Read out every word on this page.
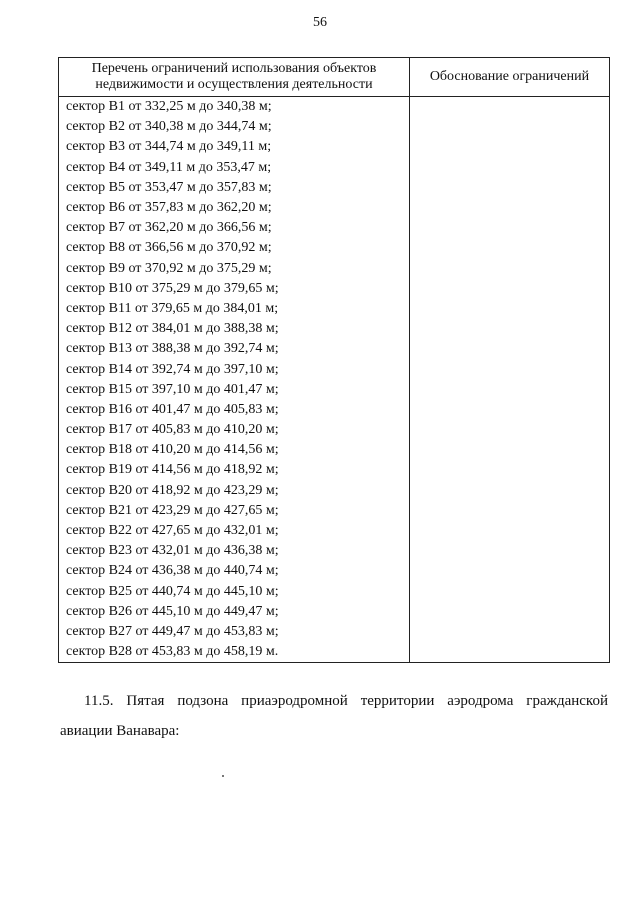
56
Перечень ограничений использования объектов недвижимости и осуществления деятельности	Обоснование ограничений
сектор В1 от 332,25 м до 340,38 м;	
сектор В2 от 340,38 м до 344,74 м;	
сектор В3 от 344,74 м до 349,11 м;	
сектор В4 от 349,11 м до 353,47 м;	
сектор В5 от 353,47 м до 357,83 м;	
сектор В6 от 357,83 м до 362,20 м;	
сектор В7 от 362,20 м до 366,56 м;	
сектор В8 от 366,56 м до 370,92 м;	
сектор В9 от 370,92 м до 375,29 м;	
сектор В10 от 375,29 м до 379,65 м;	
сектор В11 от 379,65 м до 384,01 м;	
сектор В12 от 384,01 м до 388,38 м;	
сектор В13 от 388,38 м до 392,74 м;	
сектор В14 от 392,74 м до 397,10 м;	
сектор В15 от 397,10 м до 401,47 м;	
сектор В16 от 401,47 м до 405,83 м;	
сектор В17 от 405,83 м до 410,20 м;	
сектор В18 от 410,20 м до 414,56 м;	
сектор В19 от 414,56 м до 418,92 м;	
сектор В20 от 418,92 м до 423,29 м;	
сектор В21 от 423,29 м до 427,65 м;	
сектор В22 от 427,65 м до 432,01 м;	
сектор В23 от 432,01 м до 436,38 м;	
сектор В24 от 436,38 м до 440,74 м;	
сектор В25 от 440,74 м до 445,10 м;	
сектор В26 от 445,10 м до 449,47 м;	
сектор В27 от 449,47 м до 453,83 м;	
сектор В28 от 453,83 м до 458,19 м.	
11.5. Пятая подзона приаэродромной территории аэродрома гражданской авиации Ванавара:
